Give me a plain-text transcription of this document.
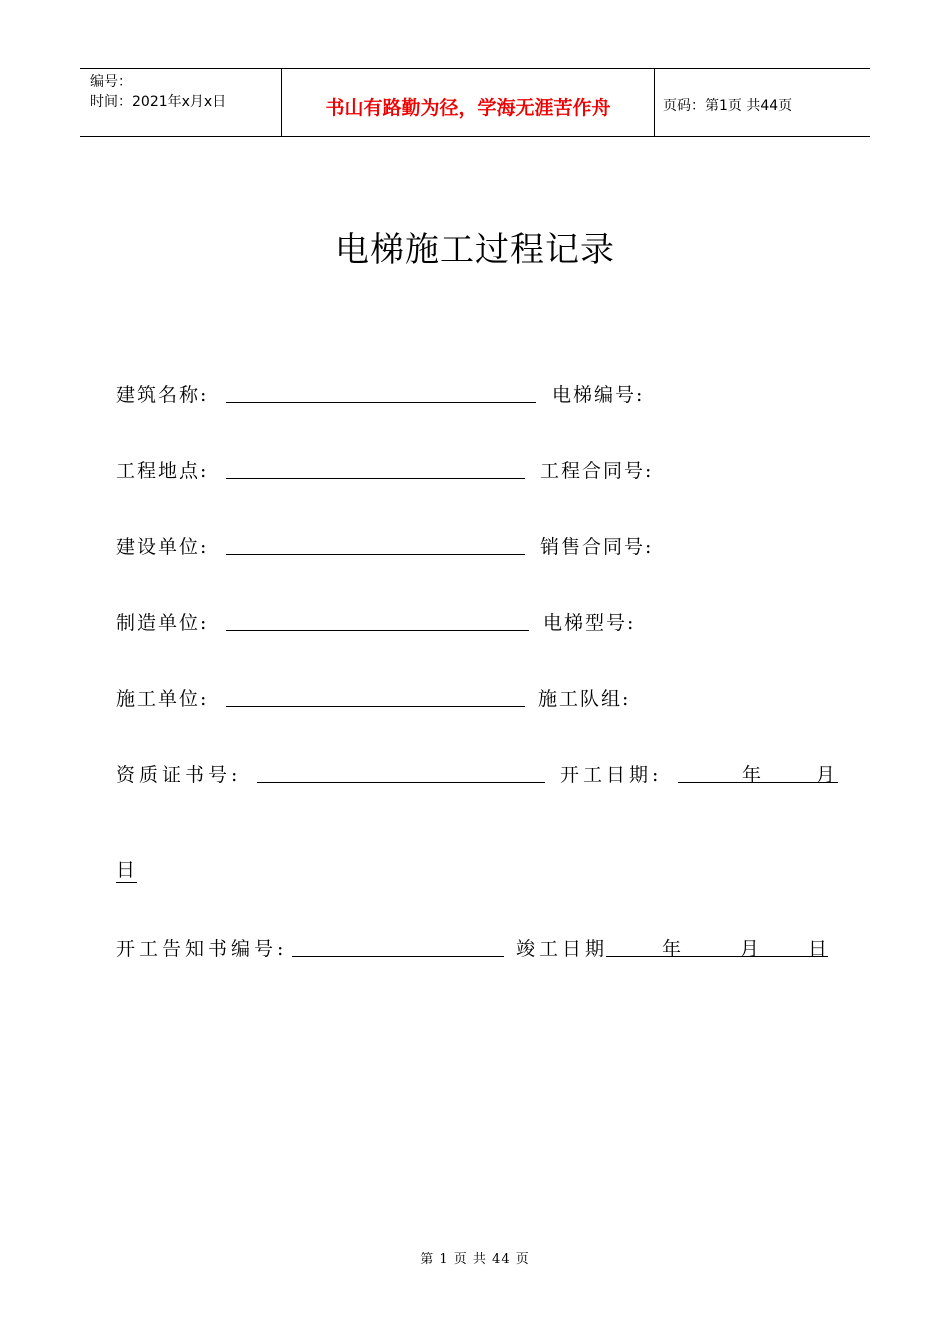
编号：
时间：2021年x月x日	书山有路勤为径，学海无涯苦作舟	页码：第1页 共44页
电梯施工过程记录
建筑名称:	电梯编号:
工程地点:	工程合同号:
建设单位:	销售合同号:
制造单位:	电梯型号:
施工单位:	施工队组:
资质证书号:	开工日期:	年	月
日
开工告知书编号:	竣工日期	年	月 日
第 1 页 共 44 页
